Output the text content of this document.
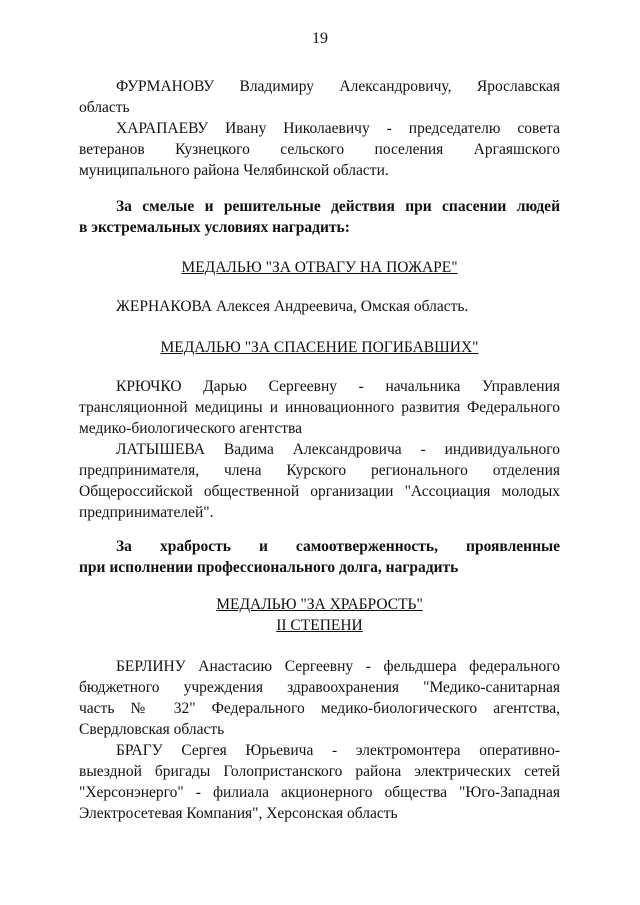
19

ФУРМАНОВУ Владимиру Александровичу, Ярославская

область

ХАРАПАЕВУ Ивану Николаевичу - председателю совета

ветеранов Кузнецкого сельского поселения Аргаяшского

муниципального района Челябинской области.

За смелые и решительные действия при спасении людей

в экстремальных условиях наградить:

МЕДАЛЬЮ "ЗА ОТВАГУ НА ПОЖАРЕ"

ЖЕРНАКОВА Алексея Андреевича, Омская область.

МЕДАЛЬЮ "ЗА СПАСЕНИЕ ПОГИБАВШИХ"

КРЮЧКО Дарью Сергеевну - начальника Управления

трансляционной медицины и инновационного развития Федерального

медико-биологического агентства

ЛАТЫШЕВА Вадима Александровича - индивидуального

предпринимателя, члена Курского регионального отделения

Общероссийской общественной организации "Ассоциация молодых

предпринимателей".

За храбрость и самоотверженность, проявленные

при исполнении профессионального долга, наградить

МЕДАЛЬЮ "ЗА ХРАБРОСТЬ"
II СТЕПЕНИ

БЕРЛИНУ Анастасию Сергеевну - фельдшера федерального

бюджетного учреждения здравоохранения "Медико-санитарная

часть № 32" Федерального медико-биологического агентства,

Свердловская область

БРАГУ Сергея Юрьевича - электромонтера оперативно-

выездной бригады Голопристанского района электрических сетей

"Херсонэнерго" - филиала акционерного общества "Юго-Западная

Электросетевая Компания", Херсонская область
